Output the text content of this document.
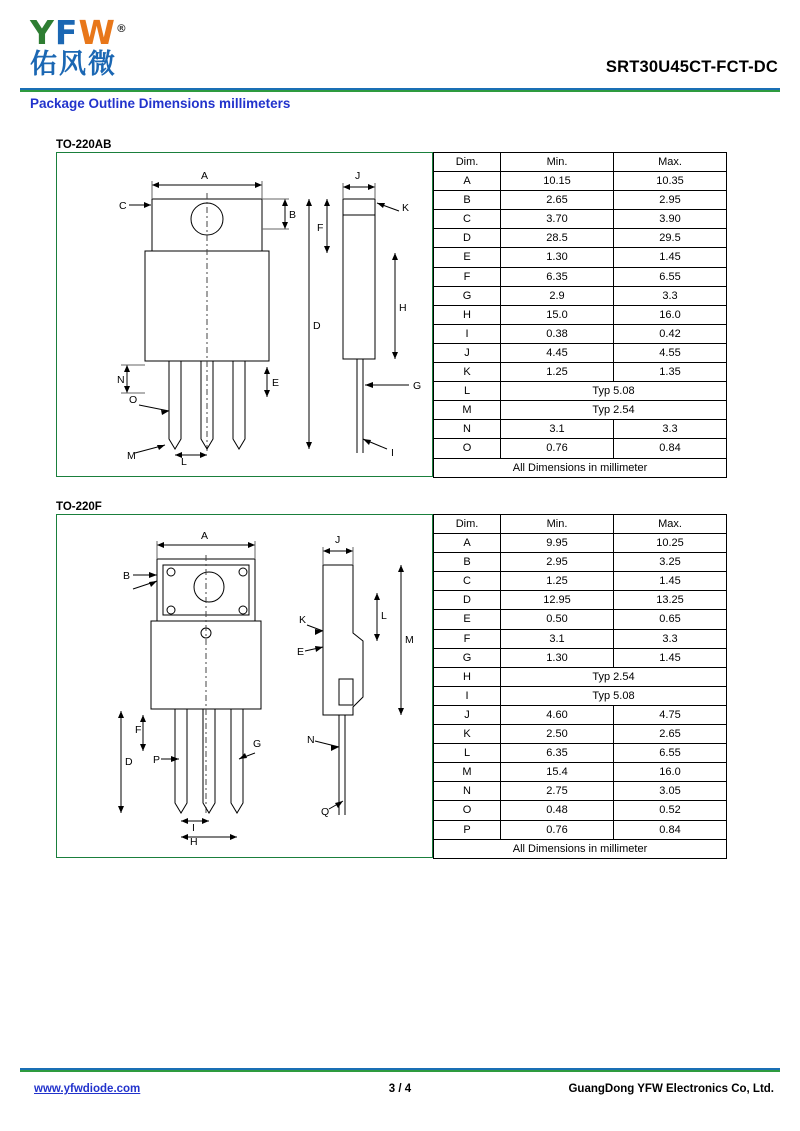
YFW®
佑风微	SRT30U45CT-FCT-DC
Package Outline Dimensions millimeters
TO-220AB
A
B
C
D
E
F
G
H
I
J
K
L
M
N
O
Dim.	Min.	Max.
A	10.15	10.35
B	2.65	2.95
C	3.70	3.90
D	28.5	29.5
E	1.30	1.45
F	6.35	6.55
G	2.9	3.3
H	15.0	16.0
I	0.38	0.42
J	4.45	4.55
K	1.25	1.35
L	Typ 5.08	
M	Typ 2.54	
N	3.1	3.3
O	0.76	0.84
All Dimensions in millimeter		
TO-220F
A
B
D
E
F
G
H
I
J
K	L
M
N
P
Q
Dim.	Min.	Max.
A	9.95	10.25
B	2.95	3.25
C	1.25	1.45
D	12.95	13.25
E	0.50	0.65
F	3.1	3.3
G	1.30	1.45
H	Typ 2.54	
I	Typ 5.08	
J	4.60	4.75
K	2.50	2.65
L	6.35	6.55
M	15.4	16.0
N	2.75	3.05
O	0.48	0.52
P	0.76	0.84
All Dimensions in millimeter		
www.yfwdiode.com	3 / 4	GuangDong YFW Electronics Co, Ltd.
